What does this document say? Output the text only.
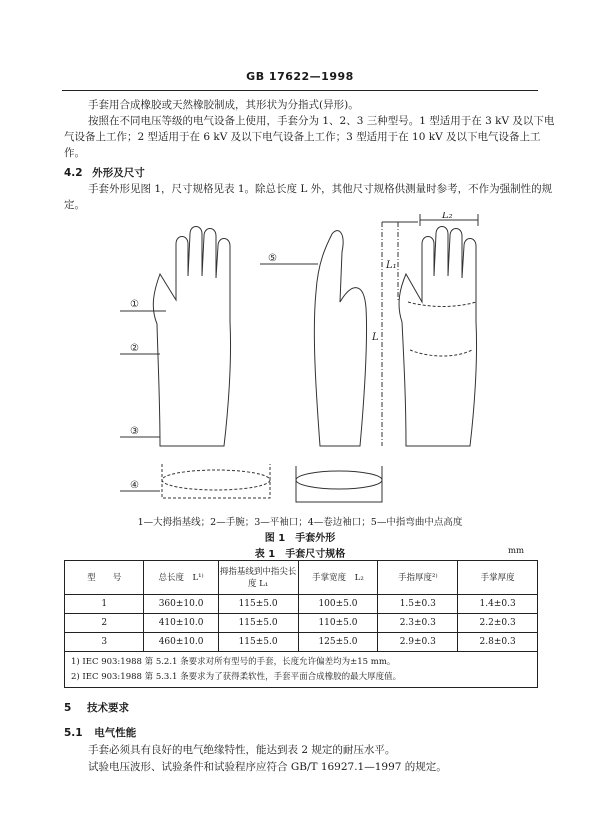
GB 17622—1998
手套用合成橡胶或天然橡胶制成，其形状为分指式(异形)。
按照在不同电压等级的电气设备上使用，手套分为 1、2、3 三种型号。1 型适用于在 3 kV 及以下电
气设备上工作；2 型适用于在 6 kV 及以下电气设备上工作；3 型适用于在 10 kV 及以下电气设备上工
作。
4.2 外形及尺寸
手套外形见图 1，尺寸规格见表 1。除总长度 L 外，其他尺寸规格供测量时参考，不作为强制性的规
定。
①
②
③
④
⑤
L
L₁
L₂
1—大拇指基线；2—手腕；3—平袖口；4—卷边袖口；5—中指弯曲中点高度
图 1　手套外形
表 1　手套尺寸规格	mm
型　　号	总长度　L¹⁾	拇指基线到中指尖长度 L₁	手掌宽度　L₂	手指厚度²⁾	手掌厚度
1	360±10.0	115±5.0	100±5.0	1.5±0.3	1.4±0.3
2	410±10.0	115±5.0	110±5.0	2.3±0.3	2.2±0.3
3	460±10.0	115±5.0	125±5.0	2.9±0.3	2.8±0.3

1) IEC 903:1988 第 5.2.1 条要求对所有型号的手套，长度允许偏差均为±15 mm。
2) IEC 903:1988 第 5.3.1 条要求为了获得柔软性，手套平面合成橡胶的最大厚度值。					
5 技术要求
5.1 电气性能
手套必须具有良好的电气绝缘特性，能达到表 2 规定的耐压水平。
试验电压波形、试验条件和试验程序应符合 GB/T 16927.1—1997 的规定。
